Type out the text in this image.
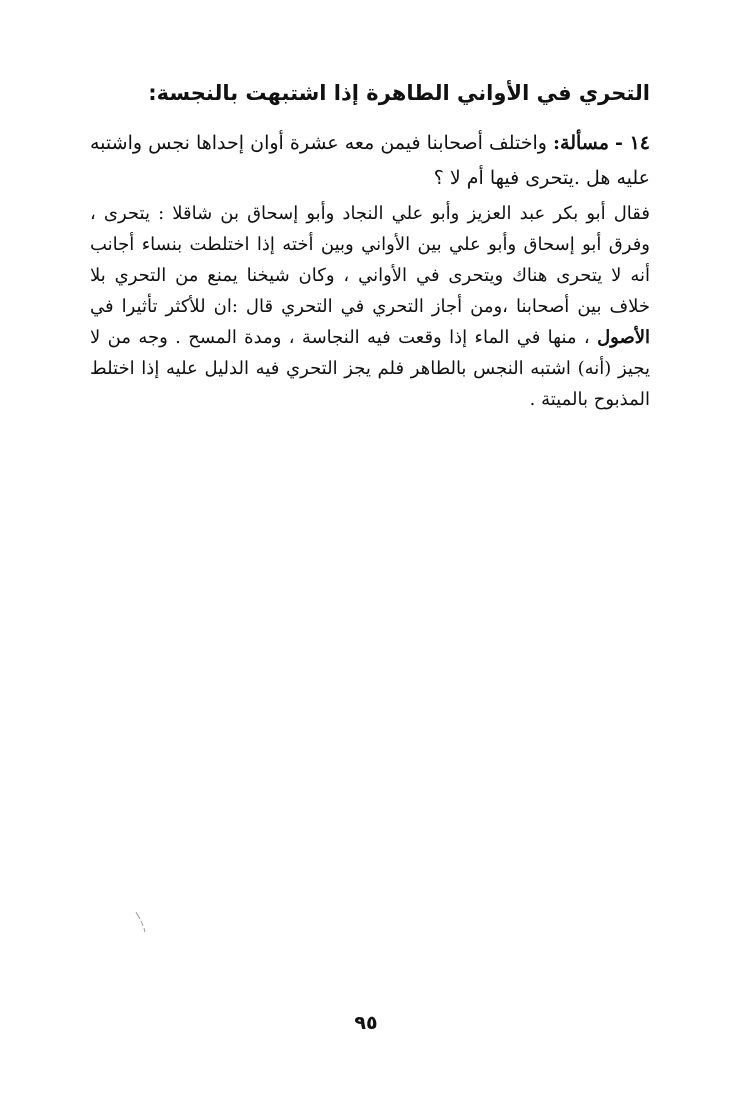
التحري في الأواني الطاهرة إذا اشتبهت بالنجسة:
١٤ - مسألة: واختلف أصحابنا فيمن معه عشرة أوان إحداها نجس واشتبه عليه هل .يتحرى فيها أم لا ؟
فقال أبو بكر عبد العزيز وأبو علي النجاد وأبو إسحاق بن شاقلا : يتحرى ، وفرق أبو إسحاق وأبو علي بين الأواني وبين أخته إذا اختلطت بنساء أجانب أنه لا يتحرى هناك ويتحرى في الأواني ، وكان شيخنا يمنع من التحري بلا خلاف بين أصحابنا ،ومن أجاز التحري في التحري قال :ان للأكثر تأثيرا في الأصول ، منها في الماء إذا وقعت فيه النجاسة ، ومدة المسح . وجه من لا يجيز (أنه) اشتبه النجس بالطاهر فلم يجز التحري فيه الدليل عليه إذا اختلط المذبوح بالميتة .
٩٥
